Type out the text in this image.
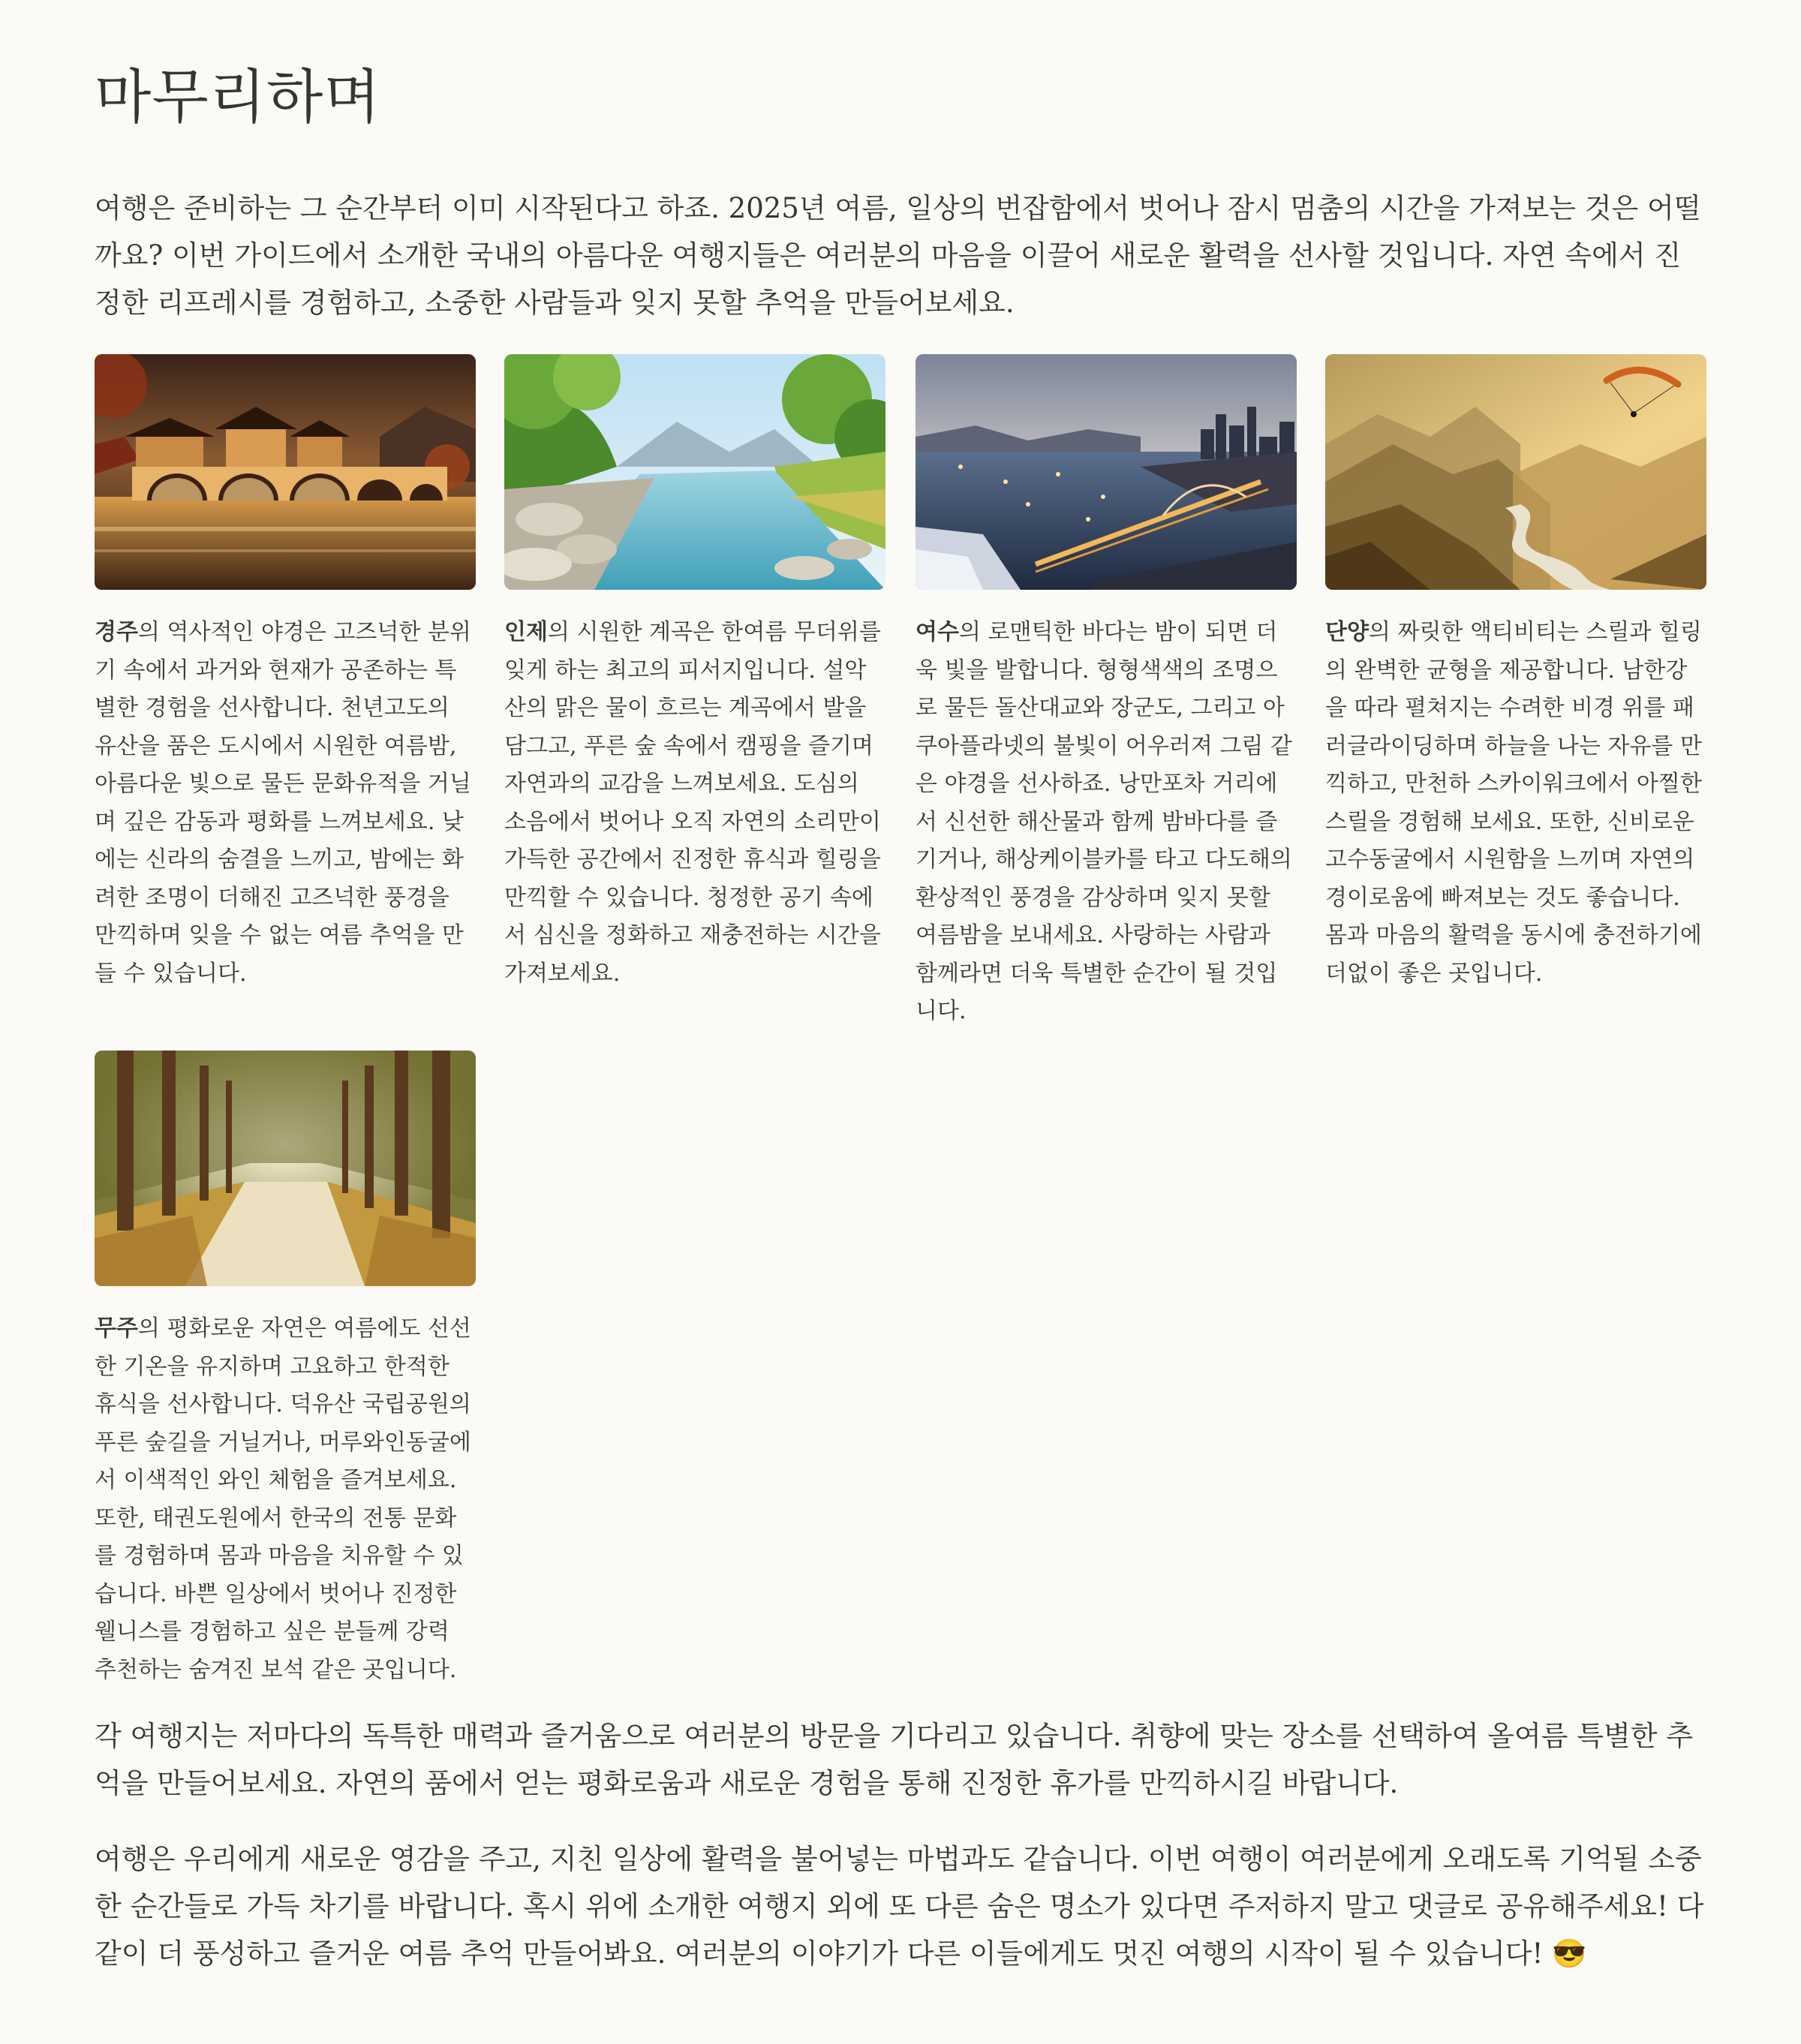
마무리하며

여행은 준비하는 그 순간부터 이미 시작된다고 하죠. 2025년 여름, 일상의 번잡함에서 벗어나 잠시 멈춤의 시간을 가져보는 것은 어떨까요? 이번 가이드에서 소개한 국내의 아름다운 여행지들은 여러분의 마음을 이끌어 새로운 활력을 선사할 것입니다. 자연 속에서 진정한 리프레시를 경험하고, 소중한 사람들과 잊지 못할 추억을 만들어보세요.

경주의 역사적인 야경은 고즈넉한 분위기 속에서 과거와 현재가 공존하는 특별한 경험을 선사합니다. 천년고도의 유산을 품은 도시에서 시원한 여름밤, 아름다운 빛으로 물든 문화유적을 거닐며 깊은 감동과 평화를 느껴보세요. 낮에는 신라의 숨결을 느끼고, 밤에는 화려한 조명이 더해진 고즈넉한 풍경을 만끽하며 잊을 수 없는 여름 추억을 만들 수 있습니다.

인제의 시원한 계곡은 한여름 무더위를 잊게 하는 최고의 피서지입니다. 설악산의 맑은 물이 흐르는 계곡에서 발을 담그고, 푸른 숲 속에서 캠핑을 즐기며 자연과의 교감을 느껴보세요. 도심의 소음에서 벗어나 오직 자연의 소리만이 가득한 공간에서 진정한 휴식과 힐링을 만끽할 수 있습니다. 청정한 공기 속에서 심신을 정화하고 재충전하는 시간을 가져보세요.

여수의 로맨틱한 바다는 밤이 되면 더욱 빛을 발합니다. 형형색색의 조명으로 물든 돌산대교와 장군도, 그리고 아쿠아플라넷의 불빛이 어우러져 그림 같은 야경을 선사하죠. 낭만포차 거리에서 신선한 해산물과 함께 밤바다를 즐기거나, 해상케이블카를 타고 다도해의 환상적인 풍경을 감상하며 잊지 못할 여름밤을 보내세요. 사랑하는 사람과 함께라면 더욱 특별한 순간이 될 것입니다.

단양의 짜릿한 액티비티는 스릴과 힐링의 완벽한 균형을 제공합니다. 남한강을 따라 펼쳐지는 수려한 비경 위를 패러글라이딩하며 하늘을 나는 자유를 만끽하고, 만천하 스카이워크에서 아찔한 스릴을 경험해 보세요. 또한, 신비로운 고수동굴에서 시원함을 느끼며 자연의 경이로움에 빠져보는 것도 좋습니다. 몸과 마음의 활력을 동시에 충전하기에 더없이 좋은 곳입니다.

무주의 평화로운 자연은 여름에도 선선한 기온을 유지하며 고요하고 한적한 휴식을 선사합니다. 덕유산 국립공원의 푸른 숲길을 거닐거나, 머루와인동굴에서 이색적인 와인 체험을 즐겨보세요. 또한, 태권도원에서 한국의 전통 문화를 경험하며 몸과 마음을 치유할 수 있습니다. 바쁜 일상에서 벗어나 진정한 웰니스를 경험하고 싶은 분들께 강력 추천하는 숨겨진 보석 같은 곳입니다.

각 여행지는 저마다의 독특한 매력과 즐거움으로 여러분의 방문을 기다리고 있습니다. 취향에 맞는 장소를 선택하여 올여름 특별한 추억을 만들어보세요. 자연의 품에서 얻는 평화로움과 새로운 경험을 통해 진정한 휴가를 만끽하시길 바랍니다.

여행은 우리에게 새로운 영감을 주고, 지친 일상에 활력을 불어넣는 마법과도 같습니다. 이번 여행이 여러분에게 오래도록 기억될 소중한 순간들로 가득 차기를 바랍니다. 혹시 위에 소개한 여행지 외에 또 다른 숨은 명소가 있다면 주저하지 말고 댓글로 공유해주세요! 다같이 더 풍성하고 즐거운 여름 추억 만들어봐요. 여러분의 이야기가 다른 이들에게도 멋진 여행의 시작이 될 수 있습니다! 😎
